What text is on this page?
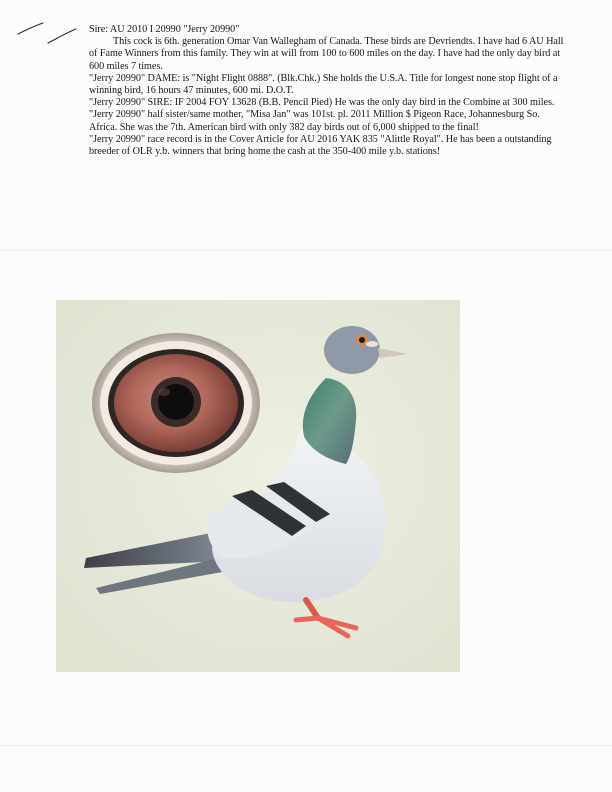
Sire: AU 2010 I 20990 "Jerry 20990"

This cock is 6th. generation Omar Van Wallegham of Canada. These birds are Devriendts. I have had 6 AU Hall of Fame Winners from this family. They win at will from 100 to 600 miles on the day. I have had the only day bird at 600 miles 7 times.

"Jerry 20990" DAME: is "Night Flight 0888". (Blk.Chk.) She holds the U.S.A. Title for longest none stop flight of a winning bird, 16 hours 47 minutes, 600 mi. D.O.T.

"Jerry 20990" SIRE: IF 2004 FOY 13628 (B.B. Pencil Pied) He was the only day bird in the Combine at 300 miles.

"Jerry 20990" half sister/same mother, "Misa Jan" was 101st. pl. 2011 Million $ Pigeon Race, Johannesburg So. Africa. She was the 7th. American bird with only 382 day birds out of 6,000 shipped to the final!

"Jerry 20990" race record is in the Cover Article for AU 2016 YAK 835 "Alittle Royal". He has been a outstanding breeder of OLR y.b. winners that bring home the cash at the 350-400 mile y.b. stations!
